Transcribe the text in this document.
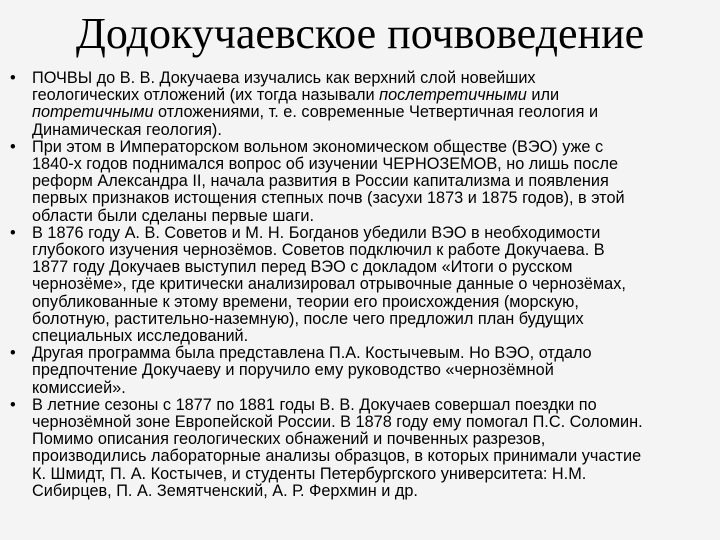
Додокучаевское почвоведение
• ПОЧВЫ до В. В. Докучаева изучались как верхний слой новейших
геологических отложений (их тогда называли послетретичными или
потретичными отложениями, т. е. современные Четвертичная геология и
Динамическая геология).
• При этом в Императорском вольном экономическом обществе (ВЭО) уже с
1840-х годов поднимался вопрос об изучении ЧЕРНОЗЕМОВ, но лишь после
реформ Александра II, начала развития в России капитализма и появления
первых признаков истощения степных почв (засухи 1873 и 1875 годов), в этой
области были сделаны первые шаги.
• В 1876 году А. В. Советов и М. Н. Богданов убедили ВЭО в необходимости
глубокого изучения чернозёмов. Советов подключил к работе Докучаева. В
1877 году Докучаев выступил перед ВЭО с докладом «Итоги о русском
чернозёме», где критически анализировал отрывочные данные о чернозёмах,
опубликованные к этому времени, теории его происхождения (морскую,
болотную, растительно-наземную), после чего предложил план будущих
специальных исследований.
• Другая программа была представлена П.А. Костычевым. Но ВЭО, отдало
предпочтение Докучаеву и поручило ему руководство «чернозёмной
комиссией».
• В летние сезоны с 1877 по 1881 годы В. В. Докучаев совершал поездки по
чернозёмной зоне Европейской России. В 1878 году ему помогал П.С. Соломин.
Помимо описания геологических обнажений и почвенных разрезов,
производились лабораторные анализы образцов, в которых принимали участие
К. Шмидт, П. А. Костычев, и студенты Петербургского университета: Н.М.
Сибирцев, П. А. Земятченский, А. Р. Ферхмин и др.
